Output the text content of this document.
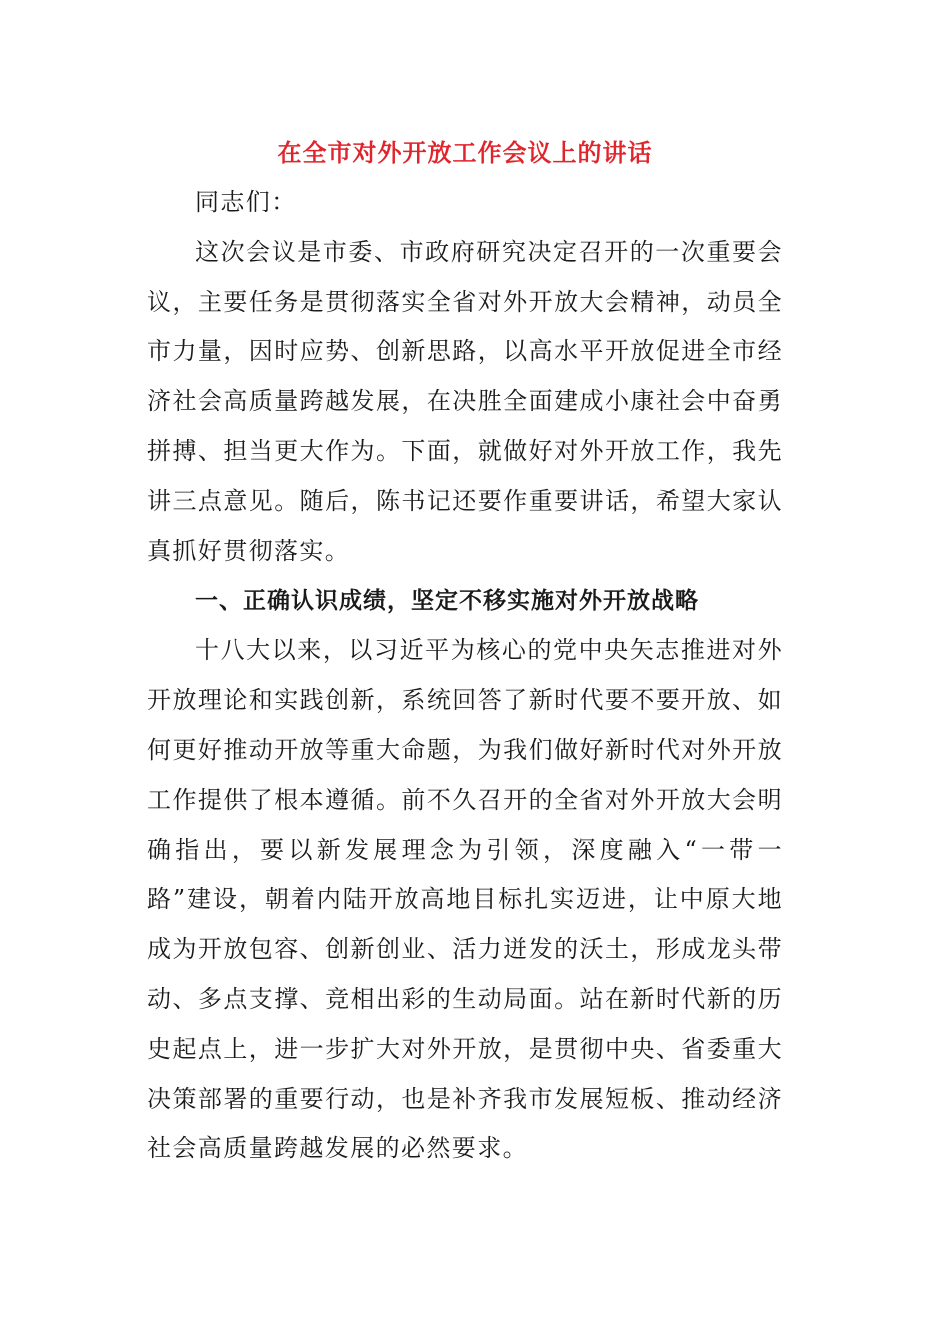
在全市对外开放工作会议上的讲话

同志们：

这次会议是市委、市政府研究决定召开的一次重要会议，主要任务是贯彻落实全省对外开放大会精神，动员全市力量，因时应势、创新思路，以高水平开放促进全市经济社会高质量跨越发展，在决胜全面建成小康社会中奋勇拼搏、担当更大作为。下面，就做好对外开放工作，我先讲三点意见。随后，陈书记还要作重要讲话，希望大家认真抓好贯彻落实。

一、正确认识成绩，坚定不移实施对外开放战略

十八大以来，以习近平为核心的党中央矢志推进对外开放理论和实践创新，系统回答了新时代要不要开放、如何更好推动开放等重大命题，为我们做好新时代对外开放工作提供了根本遵循。前不久召开的全省对外开放大会明确指出，要以新发展理念为引领，深度融入“一带一路”建设，朝着内陆开放高地目标扎实迈进，让中原大地成为开放包容、创新创业、活力迸发的沃土，形成龙头带动、多点支撑、竞相出彩的生动局面。站在新时代新的历史起点上，进一步扩大对外开放，是贯彻中央、省委重大决策部署的重要行动，也是补齐我市发展短板、推动经济社会高质量跨越发展的必然要求。
